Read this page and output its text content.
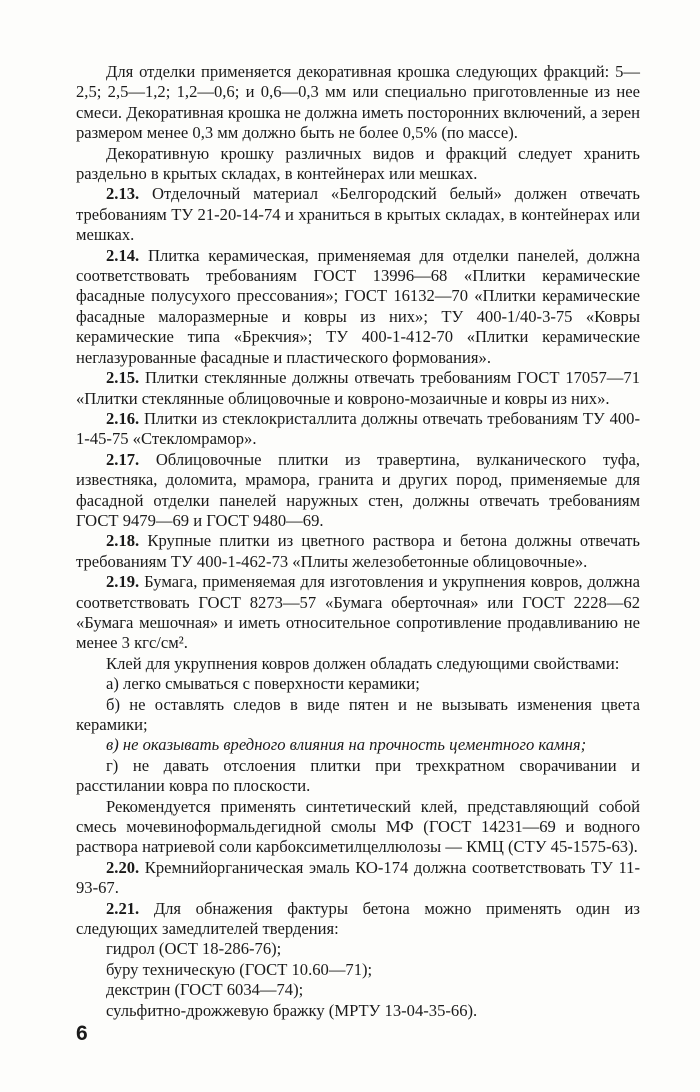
Для отделки применяется декоративная крошка следующих фракций: 5—2,5; 2,5—1,2; 1,2—0,6; и 0,6—0,3 мм или специально приготовленные из нее смеси. Декоративная крошка не должна иметь посторонних включений, а зерен размером менее 0,3 мм должно быть не более 0,5% (по массе).

Декоративную крошку различных видов и фракций следует хранить раздельно в крытых складах, в контейнерах или мешках.

2.13. Отделочный материал «Белгородский белый» должен отвечать требованиям ТУ 21-20-14-74 и храниться в крытых складах, в контейнерах или мешках.

2.14. Плитка керамическая, применяемая для отделки панелей, должна соответствовать требованиям ГОСТ 13996—68 «Плитки керамические фасадные полусухого прессования»; ГОСТ 16132—70 «Плитки керамические фасадные малоразмерные и ковры из них»; ТУ 400-1/40-3-75 «Ковры керамические типа «Брекчия»; ТУ 400-1-412-70 «Плитки керамические неглазурованные фасадные и пластического формования».

2.15. Плитки стеклянные должны отвечать требованиям ГОСТ 17057—71 «Плитки стеклянные облицовочные и ковроно-мозаичные и ковры из них».

2.16. Плитки из стеклокристаллита должны отвечать требованиям ТУ 400-1-45-75 «Стекломрамор».

2.17. Облицовочные плитки из травертина, вулканического туфа, известняка, доломита, мрамора, гранита и других пород, применяемые для фасадной отделки панелей наружных стен, должны отвечать требованиям ГОСТ 9479—69 и ГОСТ 9480—69.

2.18. Крупные плитки из цветного раствора и бетона должны отвечать требованиям ТУ 400-1-462-73 «Плиты железобетонные облицовочные».

2.19. Бумага, применяемая для изготовления и укрупнения ковров, должна соответствовать ГОСТ 8273—57 «Бумага оберточная» или ГОСТ 2228—62 «Бумага мешочная» и иметь относительное сопротивление продавливанию не менее 3 кгс/см².

Клей для укрупнения ковров должен обладать следующими свойствами:

а) легко смываться с поверхности керамики;

б) не оставлять следов в виде пятен и не вызывать изменения цвета керамики;

в) не оказывать вредного влияния на прочность цементного камня;

г) не давать отслоения плитки при трехкратном сворачивании и расстилании ковра по плоскости.

Рекомендуется применять синтетический клей, представляющий собой смесь мочевиноформальдегидной смолы МФ (ГОСТ 14231—69 и водного раствора натриевой соли карбоксиметилцеллюлозы — КМЦ (СТУ 45-1575-63).

2.20. Кремнийорганическая эмаль КО-174 должна соответствовать ТУ 11-93-67.

2.21. Для обнажения фактуры бетона можно применять один из следующих замедлителей твердения:

гидрол (ОСТ 18-286-76);

буру техническую (ГОСТ 10.60—71);

декстрин (ГОСТ 6034—74);

сульфитно-дрожжевую бражку (МРТУ 13-04-35-66).

6
